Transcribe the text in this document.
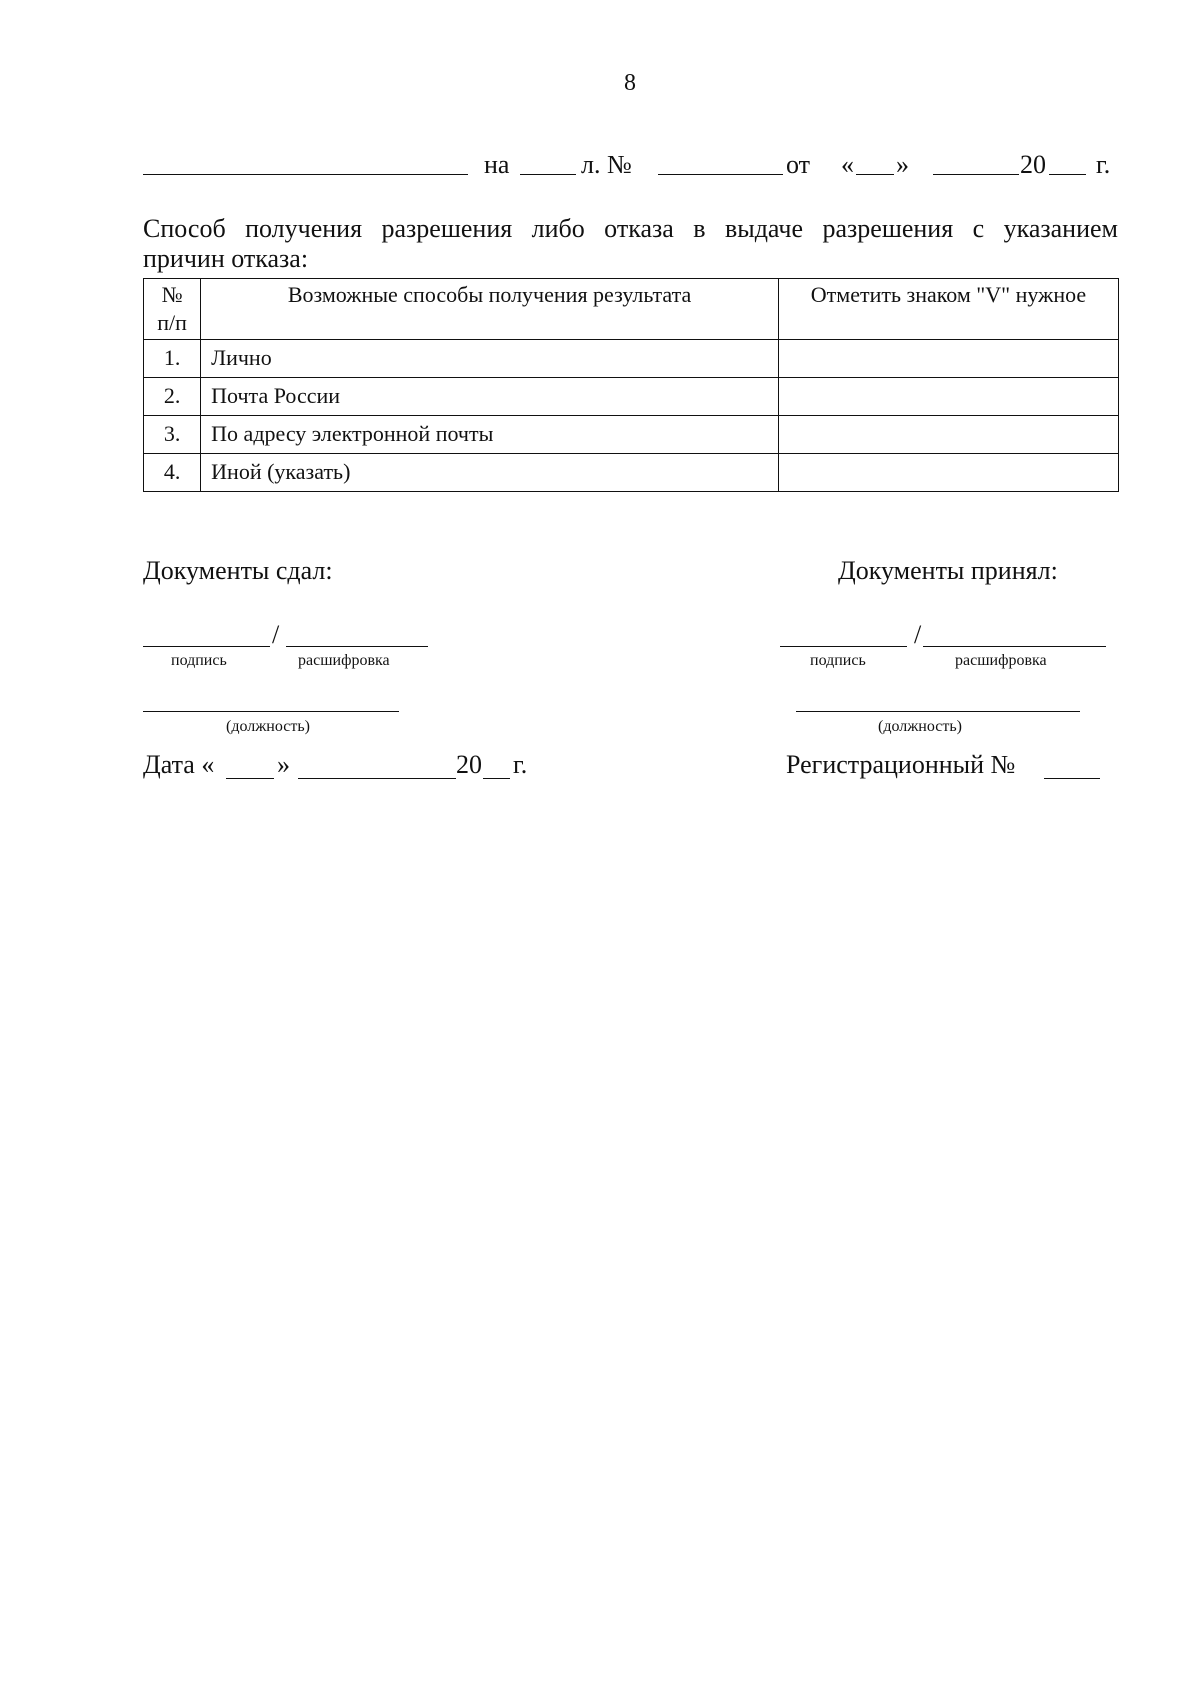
8
на	л. №	от « »	20 г.
Способ получения разрешения либо отказа в выдаче разрешения с указанием
причин отказа:
№
п/п	Возможные способы получения результата	Отметить знаком "V" нужное
1.	Лично	
2.	Почта России	
3.	По адресу электронной почты	
4.	Иной (указать)	
Документы сдал:
/
подпись	расшифровка
(должность)
Дата « »	20 г.
Документы принял:
/
подпись	расшифровка
(должность)
Регистрационный №
